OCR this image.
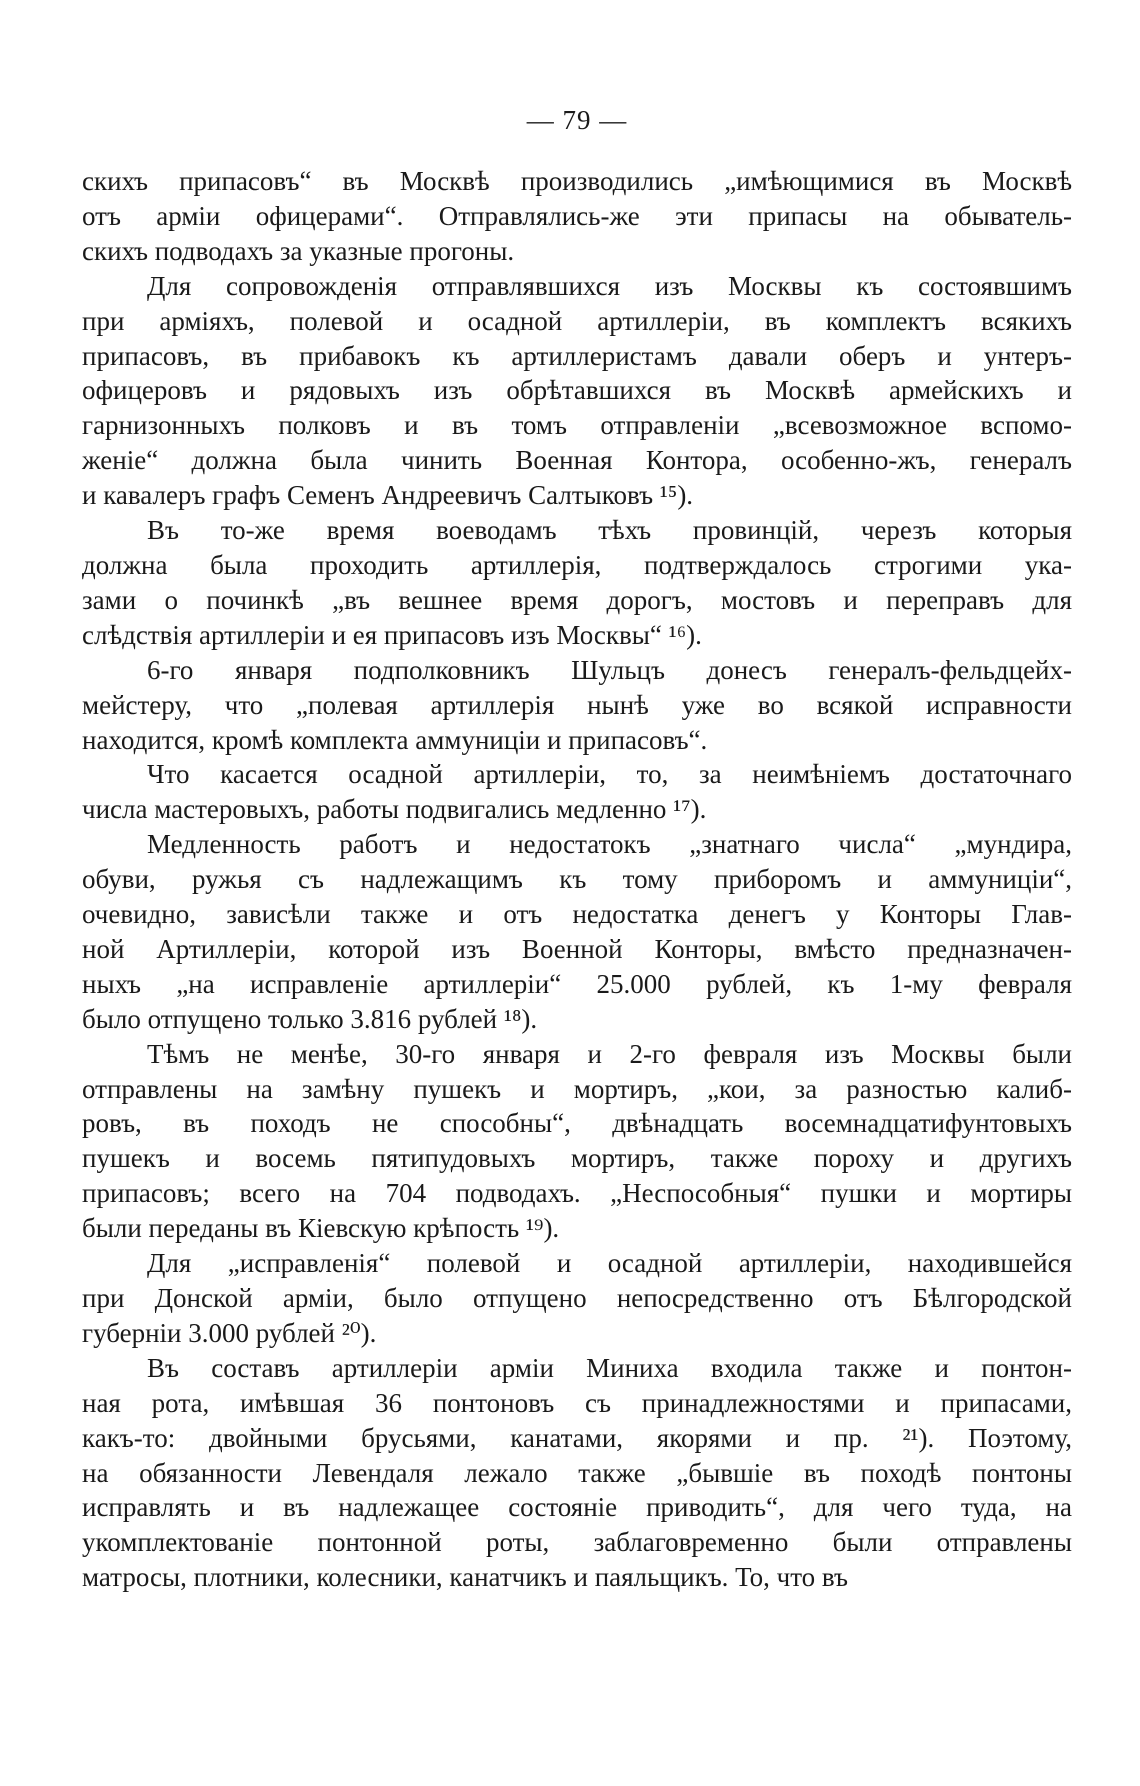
— 79 —

скихъ припасовъ“ въ Москвѣ производились „имѣющимися въ Москвѣ

отъ армiи офицерами“. Отправлялись-же эти припасы на обыватель-

скихъ подводахъ за указные прогоны.

Для сопровожденiя отправлявшихся изъ Москвы къ состоявшимъ

при армiяхъ, полевой и осадной артиллерiи, въ комплектъ всякихъ

припасовъ, въ прибавокъ къ артиллеристамъ давали оберъ и унтеръ-

офицеровъ и рядовыхъ изъ обрѣтавшихся въ Москвѣ армейскихъ и

гарнизонныхъ полковъ и въ томъ отправленiи „всевозможное вспомо-

женiе“ должна была чинить Военная Контора, особенно-жъ, генералъ

и кавалеръ графъ Семенъ Андреевичъ Салтыковъ ¹⁵).

Въ то-же время воеводамъ тѣхъ провинцiй, черезъ которыя

должна была проходить артиллерiя, подтверждалось строгими ука-

зами о починкѣ „въ вешнее время дорогъ, мостовъ и переправъ для

слѣдствiя артиллерiи и ея припасовъ изъ Москвы“ ¹⁶).

6-го января подполковникъ Шульцъ донесъ генералъ-фельдцейх-

мейстеру, что „полевая артиллерiя нынѣ уже во всякой исправности

находится, кромѣ комплекта аммуницiи и припасовъ“.

Что касается осадной артиллерiи, то, за неимѣнiемъ достаточнаго

числа мастеровыхъ, работы подвигались медленно ¹⁷).

Медленность работъ и недостатокъ „знатнаго числа“ „мундира,

обуви, ружья съ надлежащимъ къ тому приборомъ и аммуницiи“,

очевидно, зависѣли также и отъ недостатка денегъ у Конторы Глав-

ной Артиллерiи, которой изъ Военной Конторы, вмѣсто предназначен-

ныхъ „на исправленiе артиллерiи“ 25.000 рублей, къ 1-му февраля

было отпущено только 3.816 рублей ¹⁸).

Тѣмъ не менѣе, 30-го января и 2-го февраля изъ Москвы были

отправлены на замѣну пушекъ и мортиръ, „кои, за разностью калиб-

ровъ, въ походъ не способны“, двѣнадцать восемнадцатифунтовыхъ

пушекъ и восемь пятипудовыхъ мортиръ, также пороху и другихъ

припасовъ; всего на 704 подводахъ. „Неспособныя“ пушки и мортиры

были переданы въ Кiевскую крѣпость ¹⁹).

Для „исправленiя“ полевой и осадной артиллерiи, находившейся

при Донской армiи, было отпущено непосредственно отъ Бѣлгородской

губернiи 3.000 рублей ²⁰).

Въ составъ артиллерiи армiи Миниха входила также и понтон-

ная рота, имѣвшая 36 понтоновъ съ принадлежностями и припасами,

какъ-то: двойными брусьями, канатами, якорями и пр. ²¹). Поэтому,

на обязанности Левендаля лежало также „бывшiе въ походѣ понтоны

исправлять и въ надлежащее состоянiе приводить“, для чего туда, на

укомплектованiе понтонной роты, заблаговременно были отправлены

матросы, плотники, колесники, канатчикъ и паяльщикъ. То, что въ
